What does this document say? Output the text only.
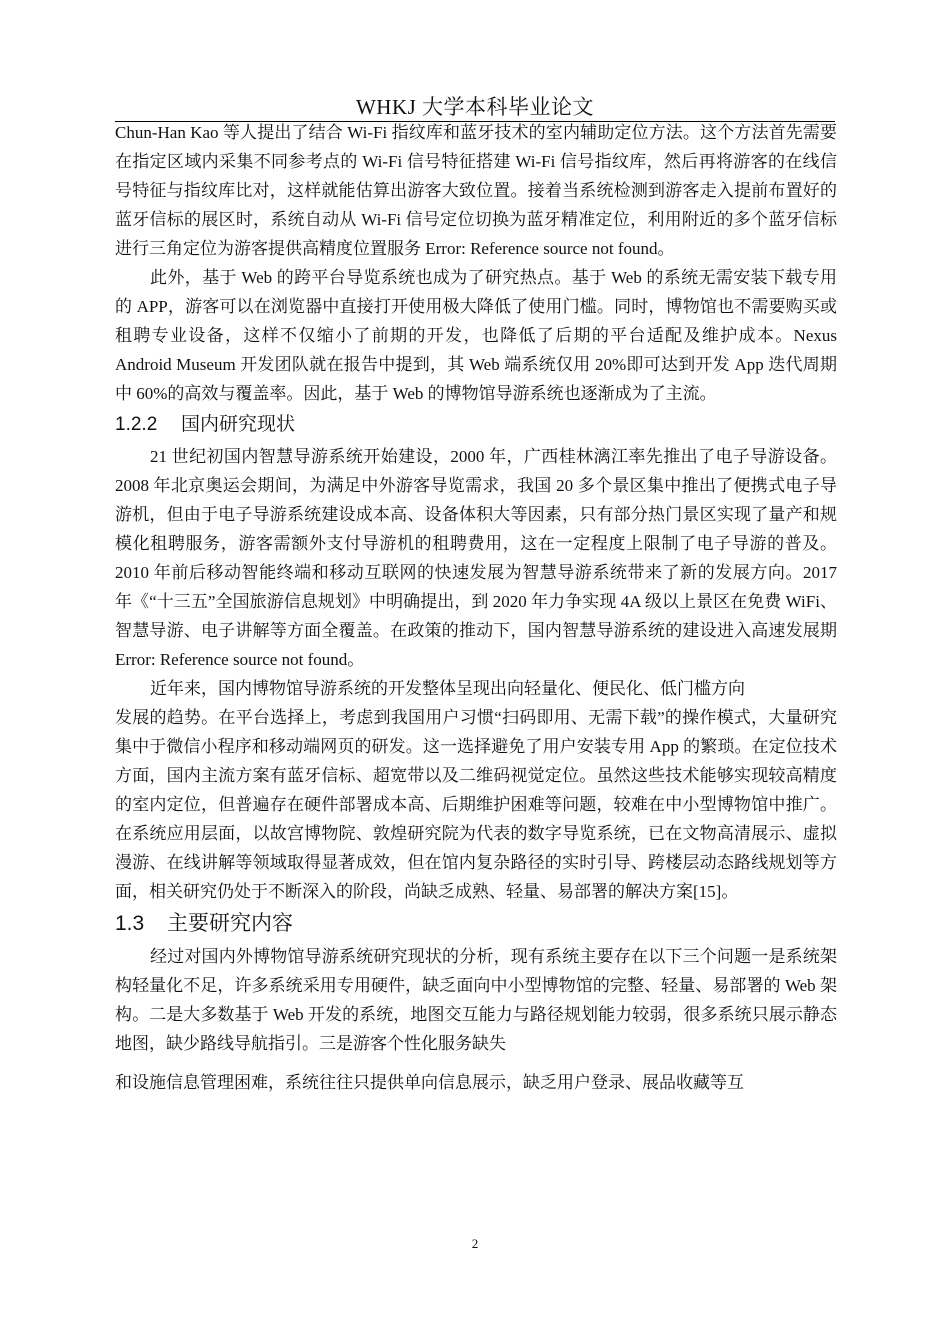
WHKJ 大学本科毕业论文

Chun-Han Kao 等人提出了结合 Wi-Fi 指纹库和蓝牙技术的室内辅助定位方法。这个方法首先需要在指定区域内采集不同参考点的 Wi-Fi 信号特征搭建 Wi-Fi 信号指纹库，然后再将游客的在线信号特征与指纹库比对，这样就能估算出游客大致位置。接着当系统检测到游客走入提前布置好的蓝牙信标的展区时，系统自动从 Wi-Fi 信号定位切换为蓝牙精准定位，利用附近的多个蓝牙信标进行三角定位为游客提供高精度位置服务 Error: Reference source not found。

此外，基于 Web 的跨平台导览系统也成为了研究热点。基于 Web 的系统无需安装下载专用的 APP，游客可以在浏览器中直接打开使用极大降低了使用门槛。同时，博物馆也不需要购买或租聘专业设备，这样不仅缩小了前期的开发，也降低了后期的平台适配及维护成本。Nexus Android Museum 开发团队就在报告中提到，其 Web 端系统仅用 20%即可达到开发 App 迭代周期中 60%的高效与覆盖率。因此，基于 Web 的博物馆导游系统也逐渐成为了主流。

1.2.2 国内研究现状

21 世纪初国内智慧导游系统开始建设，2000 年，广西桂林漓江率先推出了电子导游设备。2008 年北京奥运会期间，为满足中外游客导览需求，我国 20 多个景区集中推出了便携式电子导游机，但由于电子导游系统建设成本高、设备体积大等因素，只有部分热门景区实现了量产和规模化租聘服务，游客需额外支付导游机的租聘费用，这在一定程度上限制了电子导游的普及。2010 年前后移动智能终端和移动互联网的快速发展为智慧导游系统带来了新的发展方向。2017 年《“十三五”全国旅游信息规划》中明确提出，到 2020 年力争实现 4A 级以上景区在免费 WiFi、智慧导游、电子讲解等方面全覆盖。在政策的推动下，国内智慧导游系统的建设进入高速发展期 Error: Reference source not found。

近年来，国内博物馆导游系统的开发整体呈现出向轻量化、便民化、低门槛方向

发展的趋势。在平台选择上，考虑到我国用户习惯“扫码即用、无需下载”的操作模式，大量研究集中于微信小程序和移动端网页的研发。这一选择避免了用户安装专用 App 的繁琐。在定位技术方面，国内主流方案有蓝牙信标、超宽带以及二维码视觉定位。虽然这些技术能够实现较高精度的室内定位，但普遍存在硬件部署成本高、后期维护困难等问题，较难在中小型博物馆中推广。在系统应用层面，以故宫博物院、敦煌研究院为代表的数字导览系统，已在文物高清展示、虚拟漫游、在线讲解等领域取得显著成效，但在馆内复杂路径的实时引导、跨楼层动态路线规划等方面，相关研究仍处于不断深入的阶段，尚缺乏成熟、轻量、易部署的解决方案[15]。

1.3 主要研究内容

经过对国内外博物馆导游系统研究现状的分析，现有系统主要存在以下三个问题一是系统架构轻量化不足，许多系统采用专用硬件，缺乏面向中小型博物馆的完整、轻量、易部署的 Web 架构。二是大多数基于 Web 开发的系统，地图交互能力与路径规划能力较弱，很多系统只展示静态地图，缺少路线导航指引。三是游客个性化服务缺失

和设施信息管理困难，系统往往只提供单向信息展示，缺乏用户登录、展品收藏等互

2
